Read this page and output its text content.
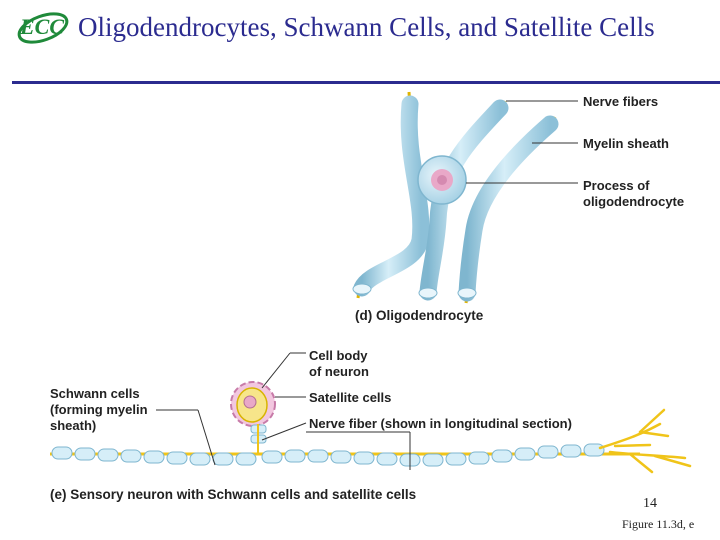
ECC Oligodendrocytes, Schwann Cells, and Satellite Cells
Nerve fibers
Myelin sheath
Process of
oligodendrocyte
(d) Oligodendrocyte
Cell body
of neuron
Satellite cells
Nerve fiber (shown in longitudinal section)
Schwann cells
(forming myelin
sheath)
(e) Sensory neuron with Schwann cells and satellite cells
14
Figure 11.3d, e
